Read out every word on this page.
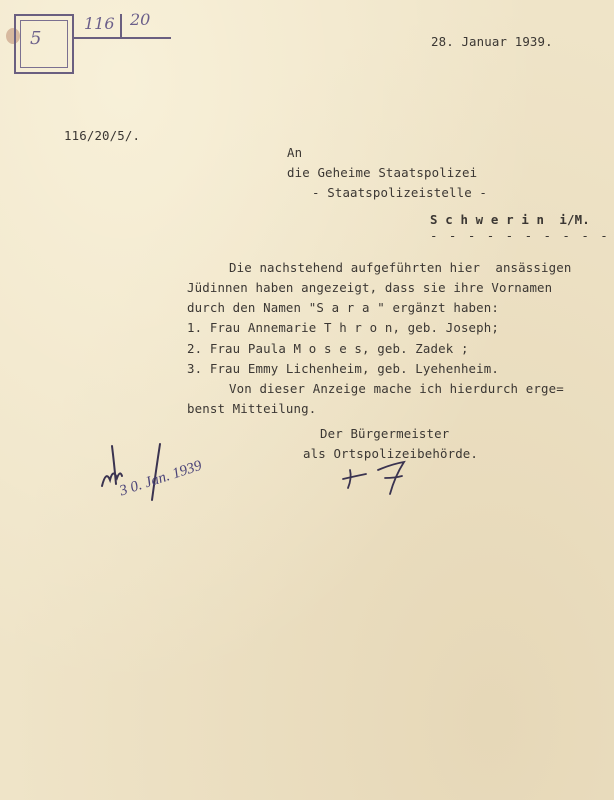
5
116 20
28. Januar 1939.
116/20/5/.
An
die Geheime Staatspolizei
- Staatspolizeistelle -
S c h w e r i n  i/M.
- - - - - - - - - -
Die nachstehend aufgeführten hier  ansässigen
Jüdinnen haben angezeigt, dass sie ihre Vornamen
durch den Namen "S a r a " ergänzt haben:
1. Frau Annemarie T h r o n, geb. Joseph;
2. Frau Paula M o s e s, geb. Zadek ;
3. Frau Emmy Lichenheim, geb. Lyehenheim.
Von dieser Anzeige mache ich hierdurch erge=
benst Mitteilung.
Der Bürgermeister
als Ortspolizeibehörde.
3 0. Jan. 1939
